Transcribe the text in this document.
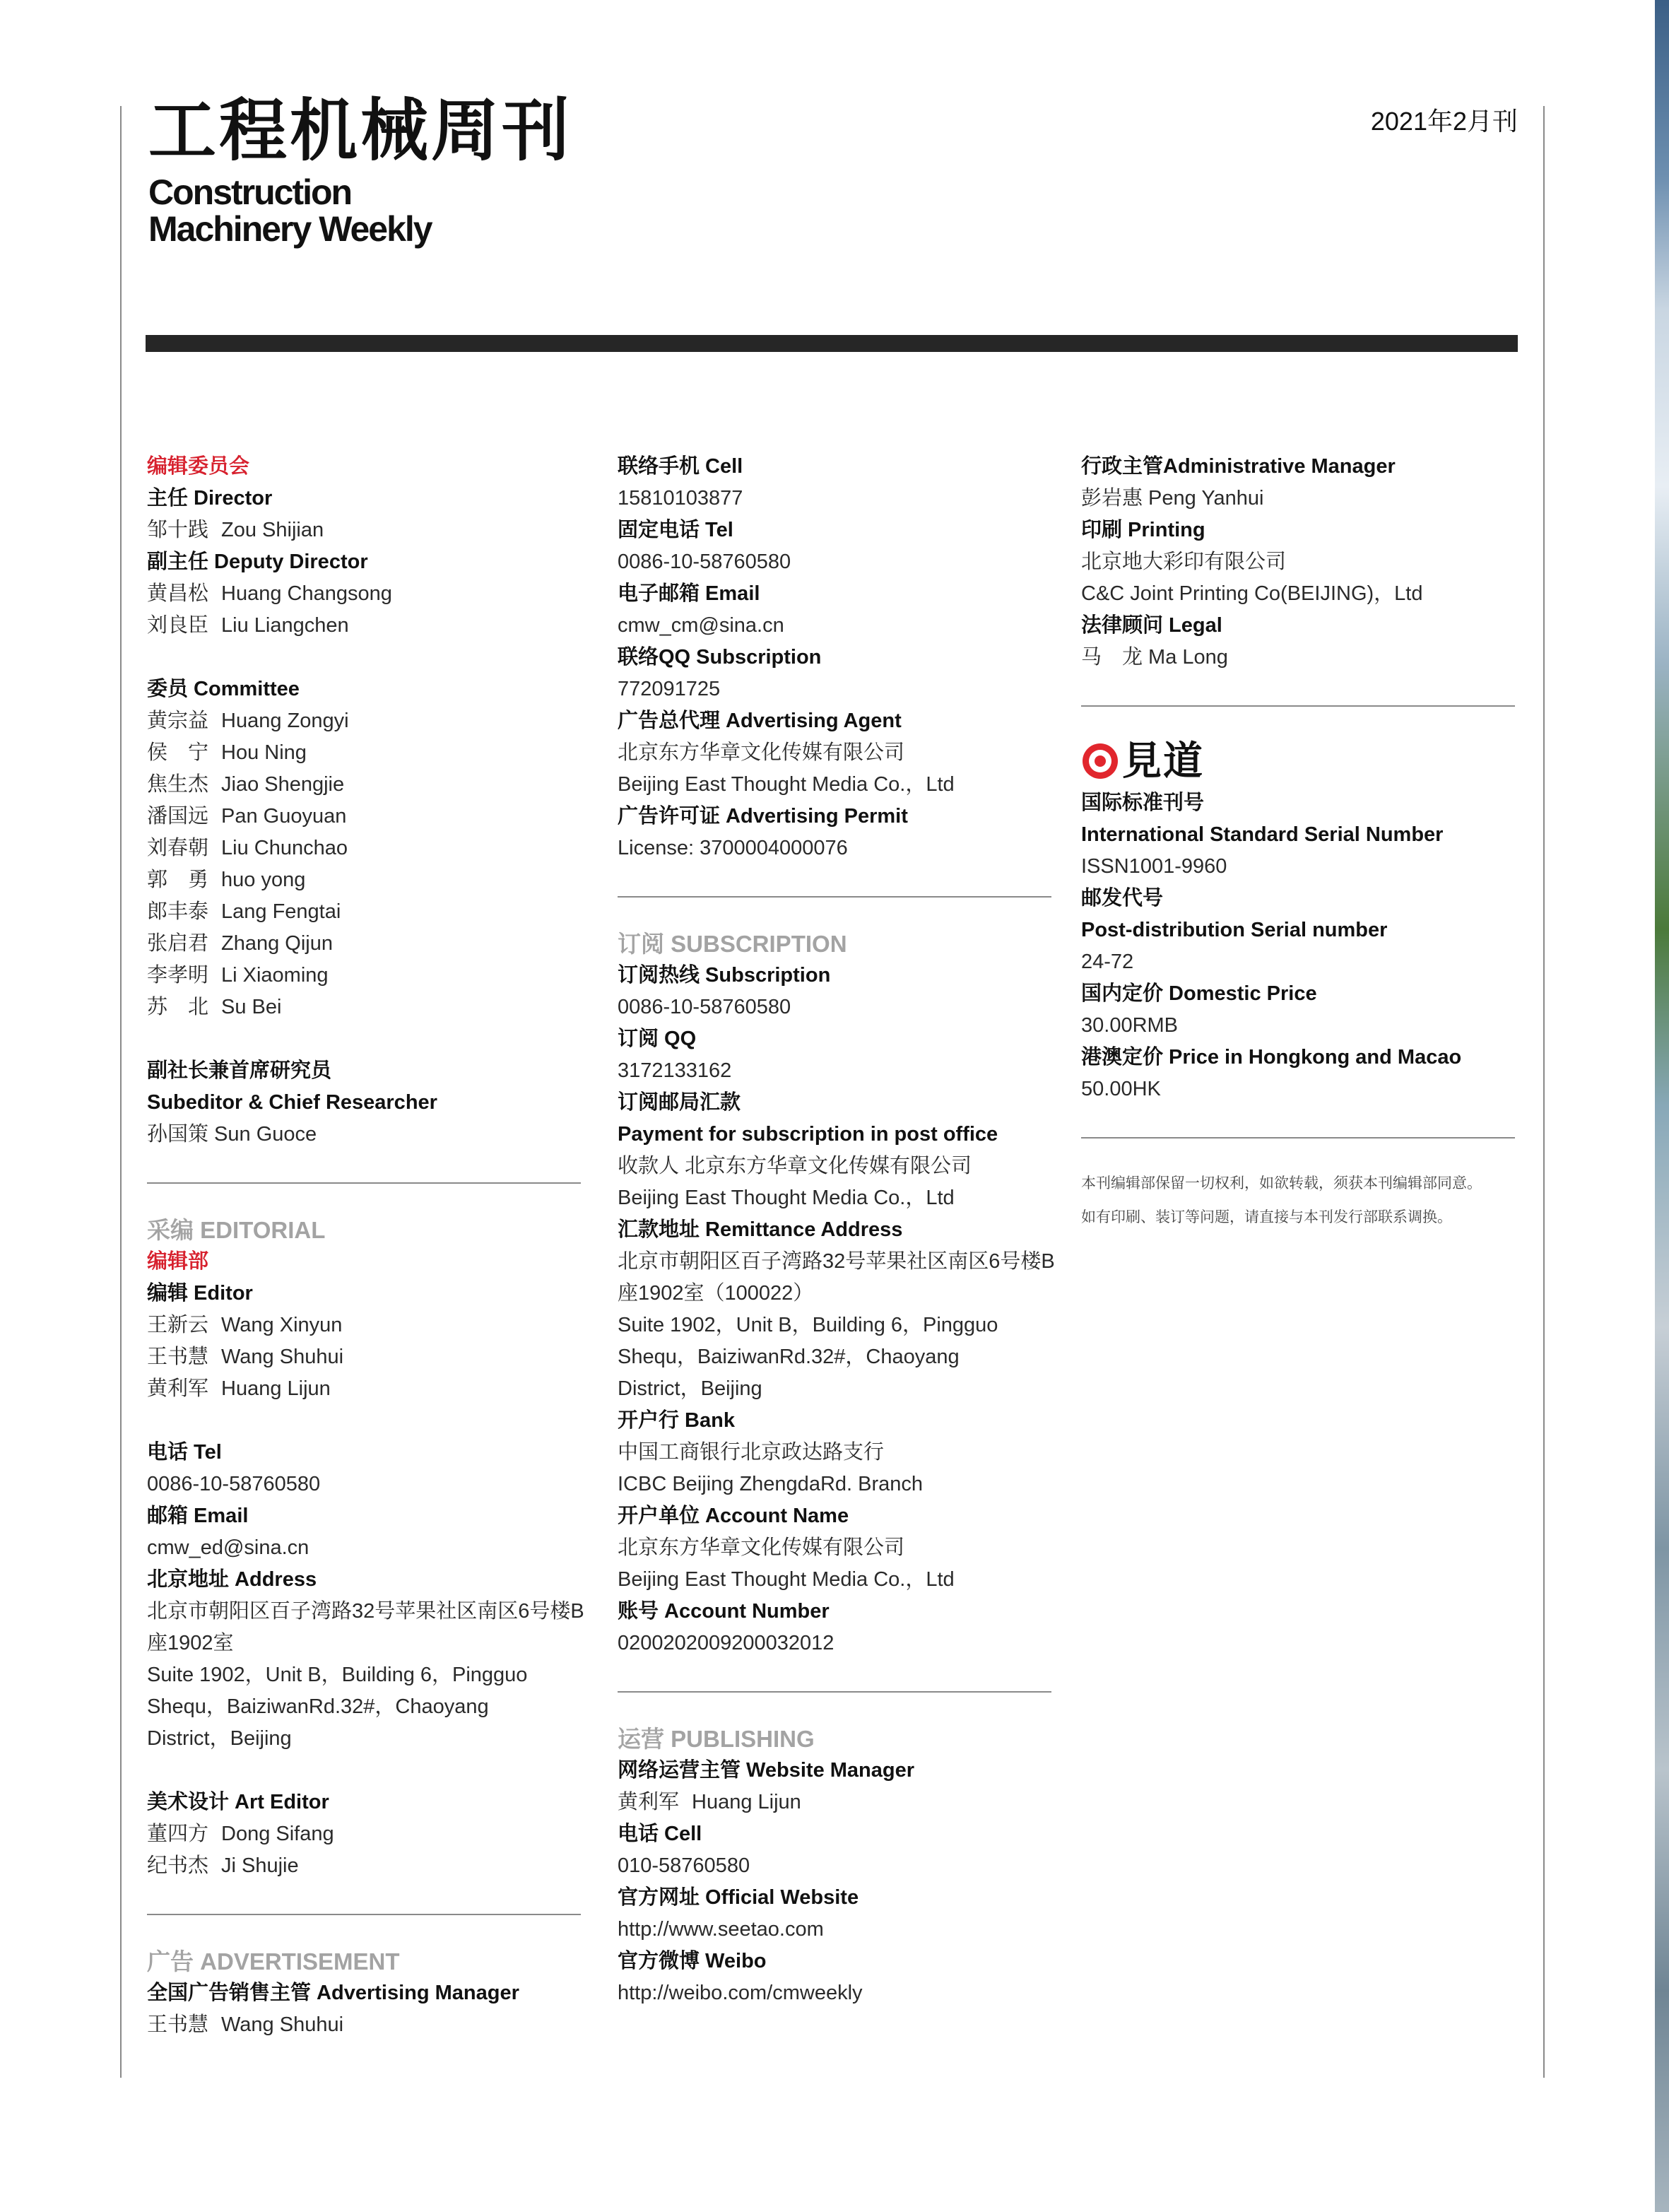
工程机械周刊
Construction
Machinery Weekly
2021年2月刊
编辑委员会
主任 Director
邹十践 Zou Shijian
副主任 Deputy Director
黄昌松 Huang Changsong
刘良臣 Liu Liangchen
委员 Committee
黄宗益 Huang Zongyi
侯　宁 Hou Ning
焦生杰 Jiao Shengjie
潘国远 Pan Guoyuan
刘春朝 Liu Chunchao
郭　勇 huo yong
郎丰泰 Lang Fengtai
张启君 Zhang Qijun
李孝明 Li Xiaoming
苏　北 Su Bei
副社长兼首席研究员
Subeditor & Chief Researcher
孙国策 Sun Guoce
采编 EDITORIAL
编辑部
编辑 Editor
王新云 Wang Xinyun
王书慧 Wang Shuhui
黄利军 Huang Lijun
电话 Tel
0086-10-58760580
邮箱 Email
cmw_ed@sina.cn
北京地址 Address
北京市朝阳区百子湾路32号苹果社区南区6号楼B
座1902室
Suite 1902，Unit B，Building 6，Pingguo
Shequ，BaiziwanRd.32#，Chaoyang
District，Beijing
美术设计 Art Editor
董四方 Dong Sifang
纪书杰 Ji Shujie
广告 ADVERTISEMENT
全国广告销售主管 Advertising Manager
王书慧 Wang Shuhui
联络手机 Cell
15810103877
固定电话 Tel
0086-10-58760580
电子邮箱 Email
cmw_cm@sina.cn
联络QQ Subscription
772091725
广告总代理 Advertising Agent
北京东方华章文化传媒有限公司
Beijing East Thought Media Co.，Ltd
广告许可证 Advertising Permit
License: 3700004000076
订阅 SUBSCRIPTION
订阅热线 Subscription
0086-10-58760580
订阅 QQ
3172133162
订阅邮局汇款
Payment for subscription in post office
收款人 北京东方华章文化传媒有限公司
Beijing East Thought Media Co.，Ltd
汇款地址 Remittance Address
北京市朝阳区百子湾路32号苹果社区南区6号楼B
座1902室（100022）
Suite 1902，Unit B，Building 6，Pingguo
Shequ，BaiziwanRd.32#，Chaoyang
District，Beijing
开户行 Bank
中国工商银行北京政达路支行
ICBC Beijing ZhengdaRd. Branch
开户单位 Account Name
北京东方华章文化传媒有限公司
Beijing East Thought Media Co.，Ltd
账号 Account Number
0200202009200032012
运营 PUBLISHING
网络运营主管 Website Manager
黄利军 Huang Lijun
电话 Cell
010-58760580
官方网址 Official Website
http://www.seetao.com
官方微博 Weibo
http://weibo.com/cmweekly
行政主管Administrative Manager
彭岩惠 Peng Yanhui
印刷 Printing
北京地大彩印有限公司
C&C Joint Printing Co(BEIJING)，Ltd
法律顾问 Legal
马　龙 Ma Long
見道
国际标准刊号
International Standard Serial Number
ISSN1001-9960
邮发代号
Post-distribution Serial number
24-72
国内定价 Domestic Price
30.00RMB
港澳定价 Price in Hongkong and Macao
50.00HK
本刊编辑部保留一切权利，如欲转载，须获本刊编辑部同意。
如有印刷、装订等问题，请直接与本刊发行部联系调换。
